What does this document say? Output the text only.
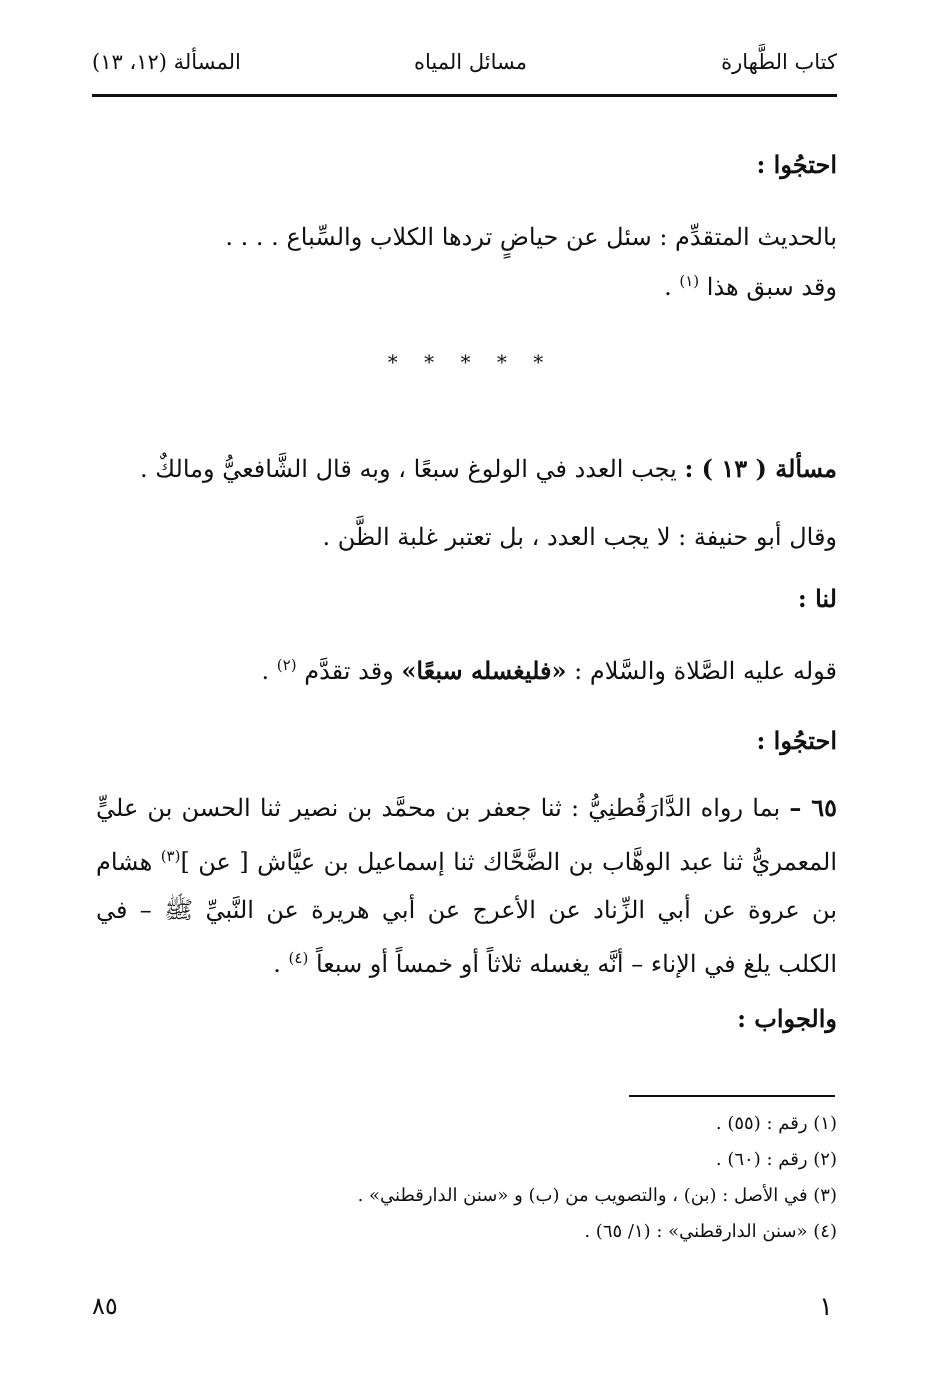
كتاب الطَّهارة
مسائل المياه
المسألة (١٢، ١٣)
احتجُوا :
بالحديث المتقدِّم : سئل عن حياضٍ تردها الكلاب والسِّباع . . . .
وقد سبق هذا $^{(١)}$ .
* * * * *
مسألة ( ١٣ ) : يجب العدد في الولوغ سبعًا ، وبه قال الشَّافعيُّ ومالكٌ .
وقال أبو حنيفة : لا يجب العدد ، بل تعتبر غلبة الظَّن .
لنا :
قوله عليه الصَّلاة والسَّلام : «فليغسله سبعًا» وقد تقدَّم $^{(٢)}$ .
احتجُوا :
٦٥ – بما رواه الدَّارَقُطنِيُّ : ثنا جعفر بن محمَّد بن نصير ثنا الحسن بن عليٍّ المعمريُّ ثنا عبد الوهَّاب بن الضَّحَّاك ثنا إسماعيل بن عيَّاش [ عن ]$^{(٣)}$ هشام بن عروة عن أبي الزِّناد عن الأعرج عن أبي هريرة عن النَّبيِّ ﷺ – في الكلب يلغ في الإناء – أنَّه يغسله ثلاثاً أو خمساً أو سبعاً $^{(٤)}$ .
والجواب :
(١) رقم : (٥٥) .
(٢) رقم : (٦٠) .
(٣) في الأصل : (بن) ، والتصويب من (ب) و «سنن الدارقطني» .
(٤) «سنن الدارقطني» : (١/ ٦٥) .
١
٨٥
